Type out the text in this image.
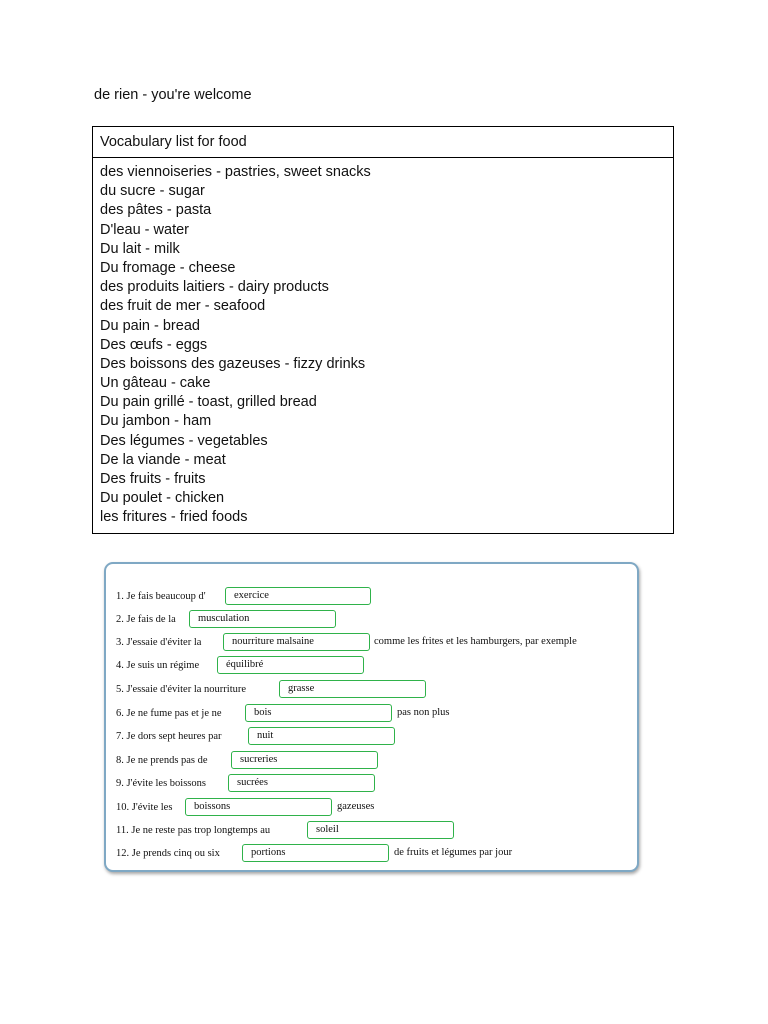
de rien - you're welcome
Vocabulary list for food
des viennoiseries - pastries, sweet snacks
du sucre - sugar
des pâtes - pasta
D'leau - water
Du lait - milk
Du fromage - cheese
des produits laitiers - dairy products
des fruit de mer - seafood
Du pain - bread
Des œufs - eggs
Des boissons des gazeuses - fizzy drinks
Un gâteau - cake
Du pain grillé - toast, grilled bread
Du jambon - ham
Des légumes - vegetables
De la viande - meat
Des fruits - fruits
Du poulet - chicken
les fritures - fried foods
1. Je fais beaucoup d'	exercice
2. Je fais de la	musculation
3. J'essaie d'éviter la	nourriture malsaine	comme les frites et les hamburgers, par exemple
4. Je suis un régime	équilibré
5. J'essaie d'éviter la nourriture	grasse
6. Je ne fume pas et je ne	bois	pas non plus
7. Je dors sept heures par	nuit
8. Je ne prends pas de	sucreries
9. J'évite les boissons	sucrées
10. J'évite les	boissons	gazeuses
11. Je ne reste pas trop longtemps au	soleil
12. Je prends cinq ou six	portions	de fruits et légumes par jour
